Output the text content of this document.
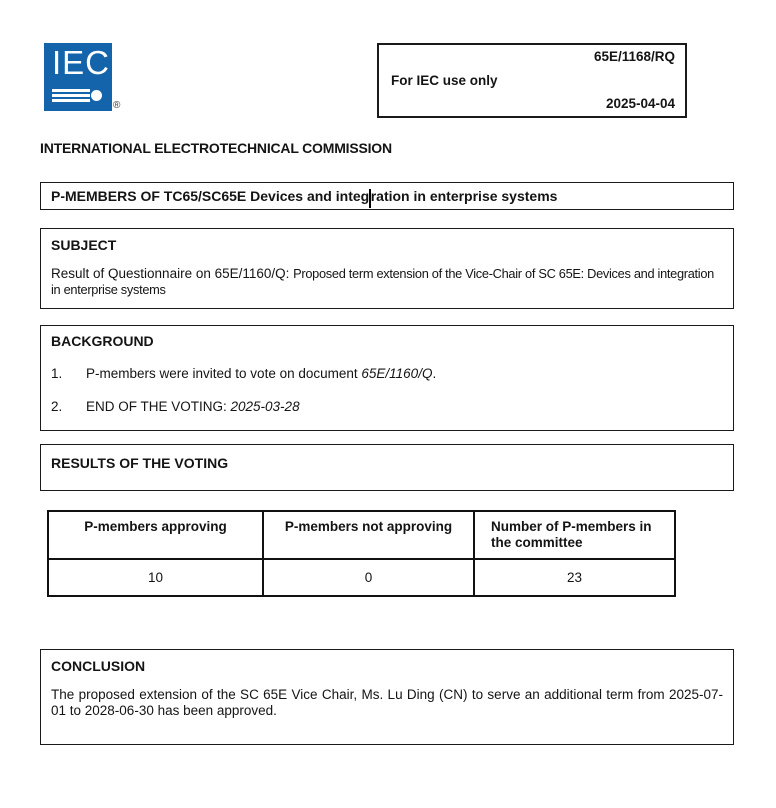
IEC
®
65E/1168/RQ
For IEC use only
2025-04-04
INTERNATIONAL ELECTROTECHNICAL COMMISSION
P-MEMBERS OF TC65/SC65E Devices and integ ration in enterprise systems
SUBJECT
Result of Questionnaire on 65E/1160/Q: Proposed term extension of the Vice-Chair of SC 65E: Devices and integration in enterprise systems
BACKGROUND
1. P-members were invited to vote on document 65E/1160/Q.
2. END OF THE VOTING: 2025-03-28
RESULTS OF THE VOTING
P-members approving	P-members not approving	Number of P-members in the committee
10	0	23
CONCLUSION
The proposed extension of the SC 65E Vice Chair, Ms. Lu Ding (CN) to serve an additional term from 2025-07-01 to 2028-06-30 has been approved.
